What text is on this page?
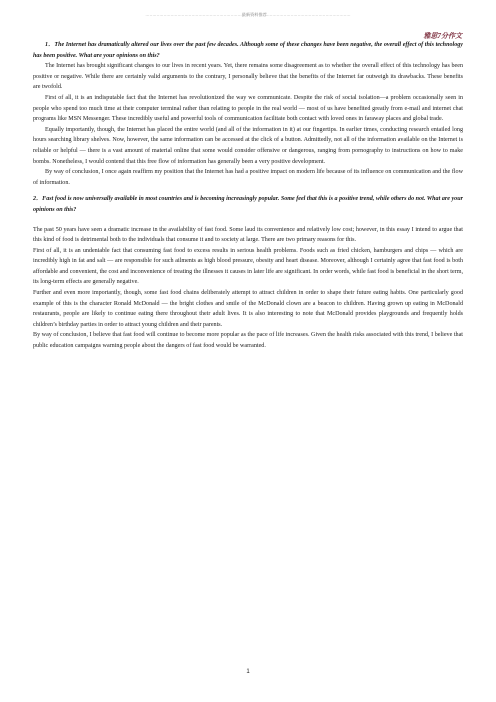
……………………………………………………………最新资料推荐……………………………………………………
雅思7分作文

1．The Internet has dramatically altered our lives over the past few decades. Although some of these changes have been negative, the overall effect of this technology has been positive. What are your opinions on this?

The Internet has brought significant changes to our lives in recent years. Yet, there remains some disagreement as to whether the overall effect of this technology has been positive or negative. While there are certainly valid arguments to the contrary, I personally believe that the benefits of the Internet far outweigh its drawbacks. These benefits are twofold.

First of all, it is an indisputable fact that the Internet has revolutionized the way we communicate. Despite the risk of social isolation—a problem occasionally seen in people who spend too much time at their computer terminal rather than relating to people in the real world — most of us have benefited greatly from e-mail and internet chat programs like MSN Messenger. These incredibly useful and powerful tools of communication facilitate both contact with loved ones in faraway places and global trade.

Equally importantly, though, the Internet has placed the entire world (and all of the information in it) at our fingertips. In earlier times, conducting research entailed long hours searching library shelves. Now, however, the same information can be accessed at the click of a button. Admittedly, not all of the information available on the Internet is reliable or helpful — there is a vast amount of material online that some would consider offensive or dangerous, ranging from pornography to instructions on how to make bombs. Nonetheless, I would contend that this free flow of information has generally been a very positive development.

By way of conclusion, I once again reaffirm my position that the Internet has had a positive impact on modern life because of its influence on communication and the flow of information.

2．Fast food is now universally available in most countries and is becoming increasingly popular. Some feel that this is a positive trend, while others do not. What are your opinions on this?

The past 50 years have seen a dramatic increase in the availability of fast food. Some laud its convenience and relatively low cost; however, in this essay I intend to argue that this kind of food is detrimental both to the individuals that consume it and to society at large. There are two primary reasons for this.

First of all, it is an undeniable fact that consuming fast food to excess results in serious health problems. Foods such as fried chicken, hamburgers and chips — which are incredibly high in fat and salt — are responsible for such ailments as high blood pressure, obesity and heart disease. Moreover, although I certainly agree that fast food is both affordable and convenient, the cost and inconvenience of treating the illnesses it causes in later life are significant. In order words, while fast food is beneficial in the short term, its long-term effects are generally negative.

Further and even more importantly, though, some fast food chains deliberately attempt to attract children in order to shape their future eating habits. One particularly good example of this is the character Ronald McDonald — the bright clothes and smile of the McDonald clown are a beacon to children. Having grown up eating in McDonald restaurants, people are likely to continue eating there throughout their adult lives. It is also interesting to note that McDonald provides playgrounds and frequently holds children’s birthday parties in order to attract young children and their parents.

By way of conclusion, I believe that fast food will continue to become more popular as the pace of life increases. Given the health risks associated with this trend, I believe that public education campaigns warning people about the dangers of fast food would be warranted.

1
